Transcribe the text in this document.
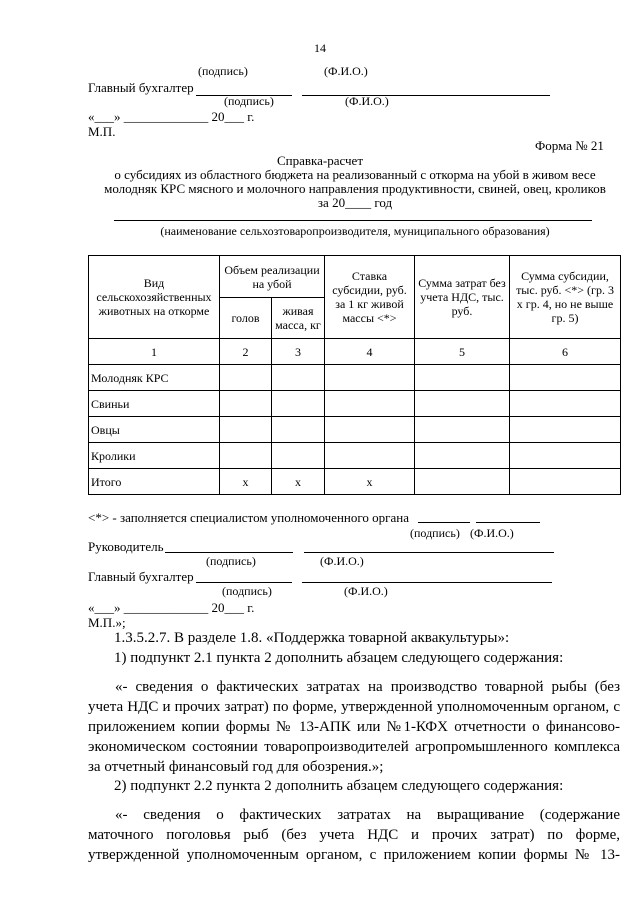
14
(подпись)	(Ф.И.О.)
Главный бухгалтер
(подпись)	(Ф.И.О.)
«___» _____________ 20___ г.
М.П.
Форма № 21
Справка-расчет
о субсидиях из областного бюджета на реализованный с откорма на убой в живом весе
молодняк КРС мясного и молочного направления продуктивности, свиней, овец, кроликов
за 20____ год
(наименование сельхозтоваропроизводителя, муниципального образования)
Вид сельскохозяйственных животных на откорме	Объем реализации на убой		Ставка субсидии, руб. за 1 кг живой массы <*>	Сумма затрат без учета НДС, тыс. руб.	Сумма субсидии, тыс. руб. <*> (гр. 3 х гр. 4, но не выше гр. 5)
	голов	живая масса, кг			
1	2	3	4	5	6
Молодняк КРС					
Свиньи					
Овцы					
Кролики					
Итого	х	х	х		
<*> - заполняется специалистом уполномоченного органа
(подпись) (Ф.И.О.)
Руководитель
(подпись)	(Ф.И.О.)
Главный бухгалтер
(подпись)	(Ф.И.О.)
«___» _____________ 20___ г.
М.П.»;
1.3.5.2.7. В разделе 1.8. «Поддержка товарной аквакультуры»:
1) подпункт 2.1 пункта 2 дополнить абзацем следующего содержания:
«- сведения о фактических затратах на производство товарной рыбы (без
учета НДС и прочих затрат) по форме, утвержденной уполномоченным органом, с
приложением копии формы № 13-АПК или №1-КФХ отчетности о финансово-
экономическом состоянии товаропроизводителей агропромышленного комплекса
за отчетный финансовый год для обозрения.»;
2) подпункт 2.2 пункта 2 дополнить абзацем следующего содержания:
«- сведения о фактических затратах на выращивание (содержание
маточного поголовья рыб (без учета НДС и прочих затрат) по форме,
утвержденной уполномоченным органом, с приложением копии формы № 13-
